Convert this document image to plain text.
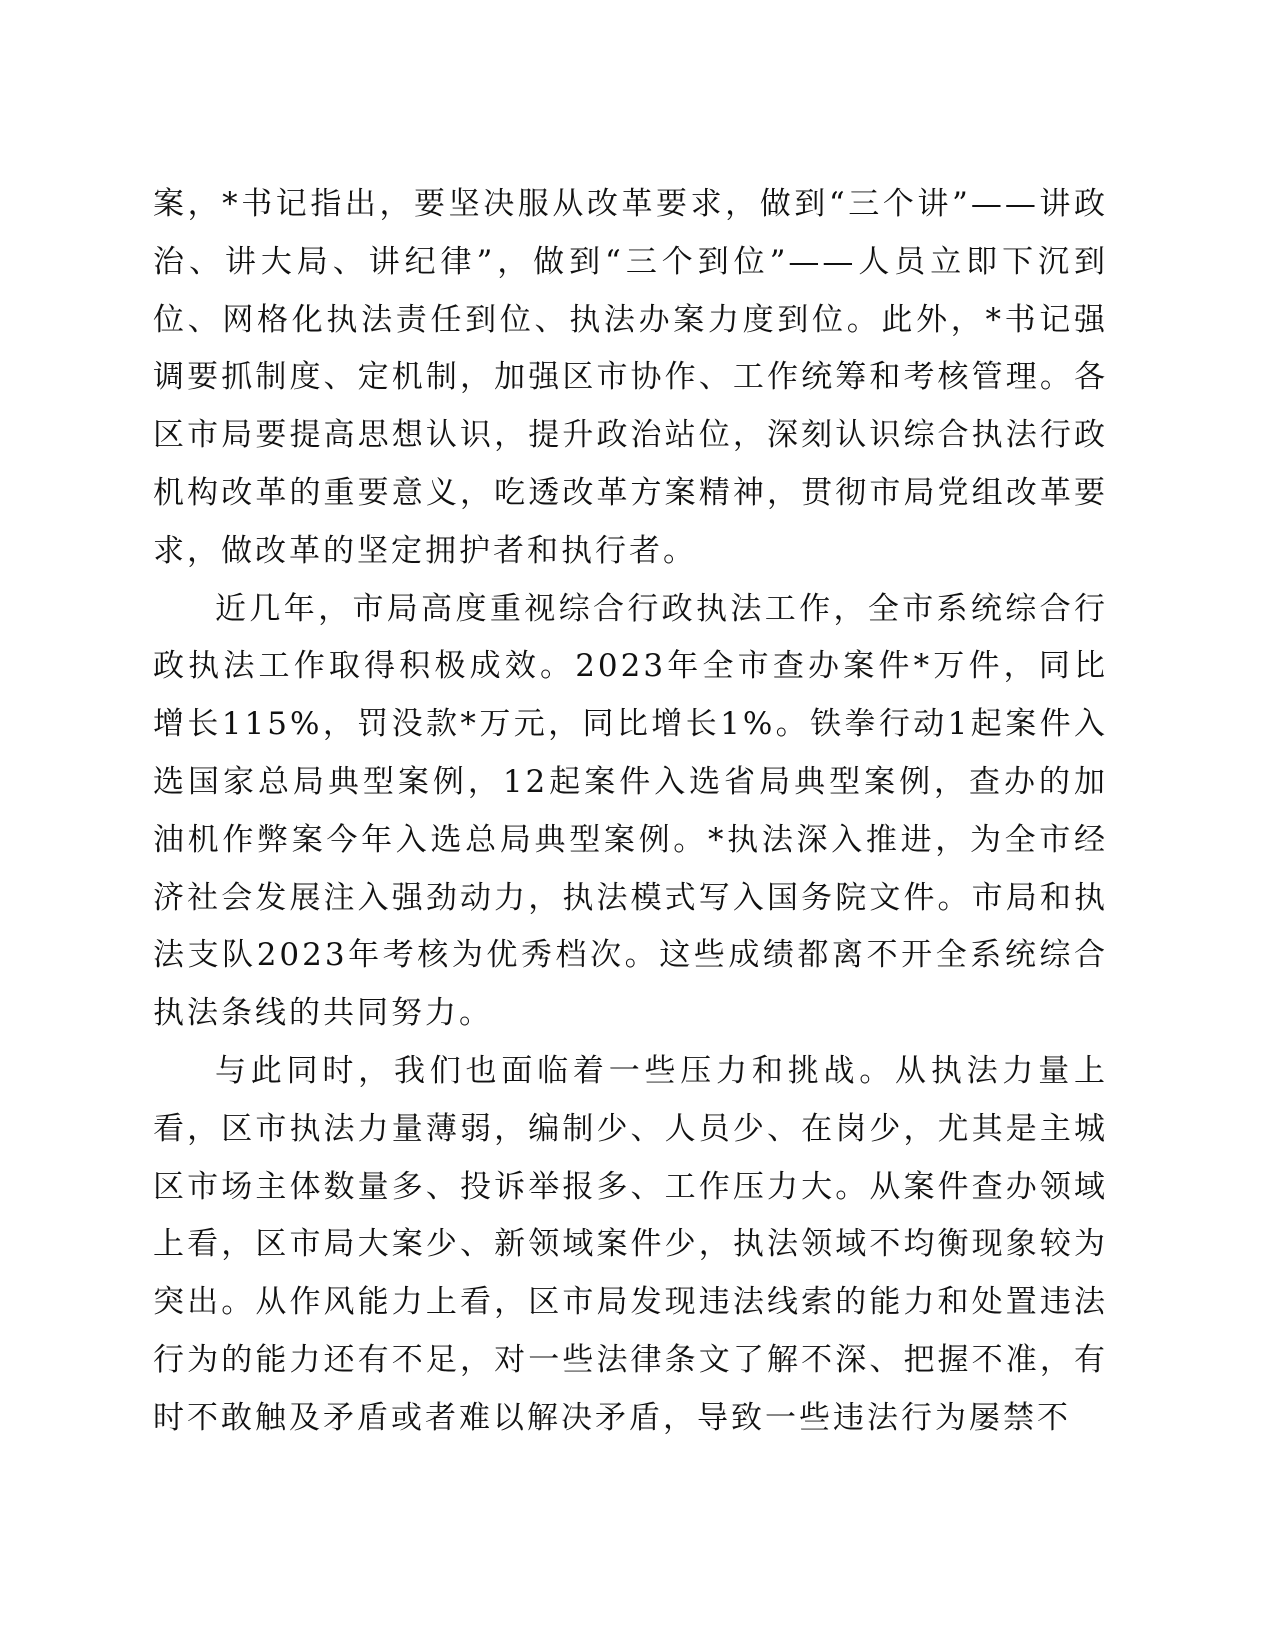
案，*书记指出，要坚决服从改革要求，做到“三个讲”——讲政治、讲大局、讲纪律”，做到“三个到位”——人员立即下沉到位、网格化执法责任到位、执法办案力度到位。此外，*书记强调要抓制度、定机制，加强区市协作、工作统筹和考核管理。各区市局要提高思想认识，提升政治站位，深刻认识综合执法行政机构改革的重要意义，吃透改革方案精神，贯彻市局党组改革要求，做改革的坚定拥护者和执行者。

近几年，市局高度重视综合行政执法工作，全市系统综合行政执法工作取得积极成效。2023年全市查办案件*万件，同比增长115%，罚没款*万元，同比增长1%。铁拳行动1起案件入选国家总局典型案例，12起案件入选省局典型案例，查办的加油机作弊案今年入选总局典型案例。*执法深入推进，为全市经济社会发展注入强劲动力，执法模式写入国务院文件。市局和执法支队2023年考核为优秀档次。这些成绩都离不开全系统综合执法条线的共同努力。

与此同时，我们也面临着一些压力和挑战。从执法力量上看，区市执法力量薄弱，编制少、人员少、在岗少，尤其是主城区市场主体数量多、投诉举报多、工作压力大。从案件查办领域上看，区市局大案少、新领域案件少，执法领域不均衡现象较为突出。从作风能力上看，区市局发现违法线索的能力和处置违法行为的能力还有不足，对一些法律条文了解不深、把握不准，有时不敢触及矛盾或者难以解决矛盾，导致一些违法行为屡禁不
